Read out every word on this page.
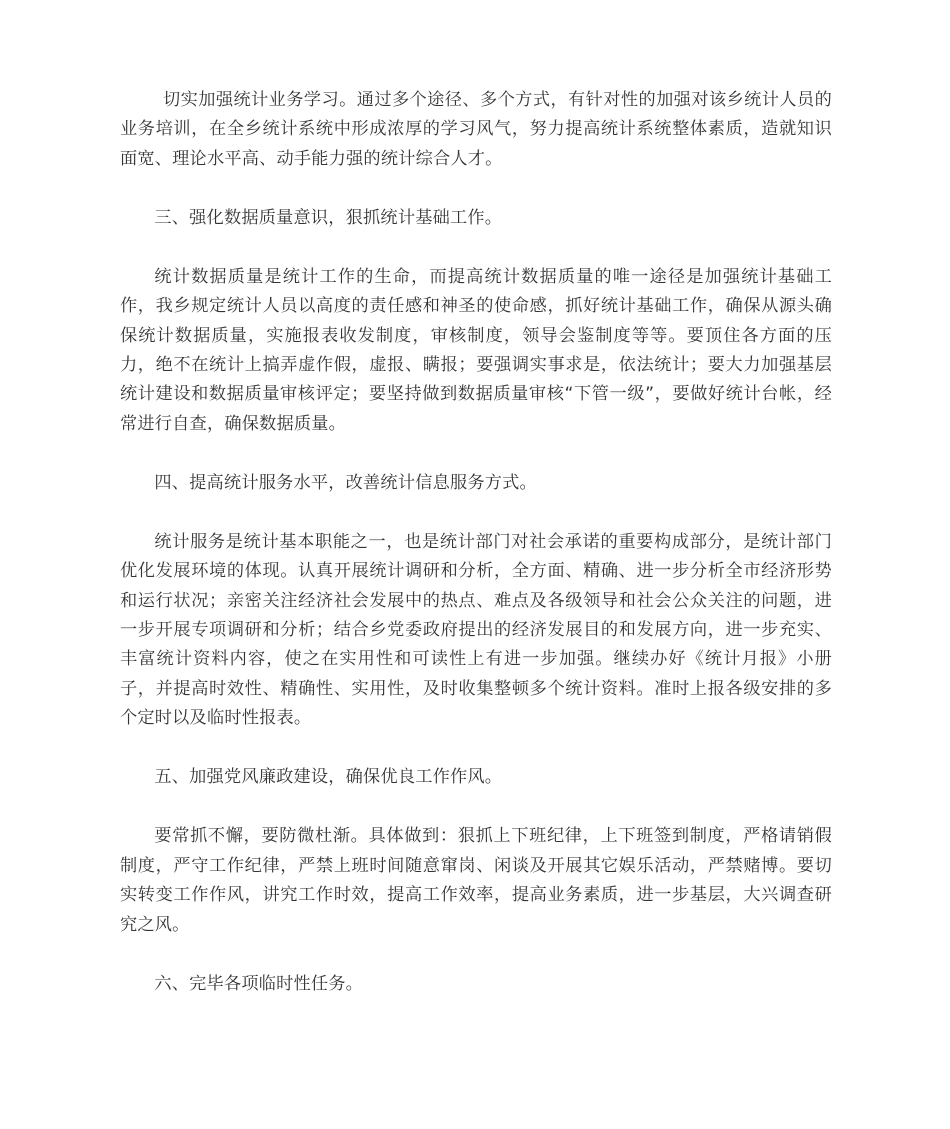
切实加强统计业务学习。通过多个途径、多个方式，有针对性的加强对该乡统计人员的业务培训，在全乡统计系统中形成浓厚的学习风气，努力提高统计系统整体素质，造就知识面宽、理论水平高、动手能力强的统计综合人才。

三、强化数据质量意识，狠抓统计基础工作。

统计数据质量是统计工作的生命，而提高统计数据质量的唯一途径是加强统计基础工作，我乡规定统计人员以高度的责任感和神圣的使命感，抓好统计基础工作，确保从源头确保统计数据质量，实施报表收发制度，审核制度，领导会鉴制度等等。要顶住各方面的压力，绝不在统计上搞弄虚作假，虚报、瞒报；要强调实事求是，依法统计；要大力加强基层统计建设和数据质量审核评定；要坚持做到数据质量审核“下管一级”，要做好统计台帐，经常进行自查，确保数据质量。

四、提高统计服务水平，改善统计信息服务方式。

统计服务是统计基本职能之一，也是统计部门对社会承诺的重要构成部分，是统计部门优化发展环境的体现。认真开展统计调研和分析，全方面、精确、进一步分析全市经济形势和运行状况；亲密关注经济社会发展中的热点、难点及各级领导和社会公众关注的问题，进一步开展专项调研和分析；结合乡党委政府提出的经济发展目的和发展方向，进一步充实、丰富统计资料内容，使之在实用性和可读性上有进一步加强。继续办好《统计月报》小册子，并提高时效性、精确性、实用性，及时收集整顿多个统计资料。准时上报各级安排的多个定时以及临时性报表。

五、加强党风廉政建设，确保优良工作作风。

要常抓不懈，要防微杜渐。具体做到：狠抓上下班纪律，上下班签到制度，严格请销假制度，严守工作纪律，严禁上班时间随意窜岗、闲谈及开展其它娱乐活动，严禁赌博。要切实转变工作作风，讲究工作时效，提高工作效率，提高业务素质，进一步基层，大兴调查研究之风。

六、完毕各项临时性任务。
